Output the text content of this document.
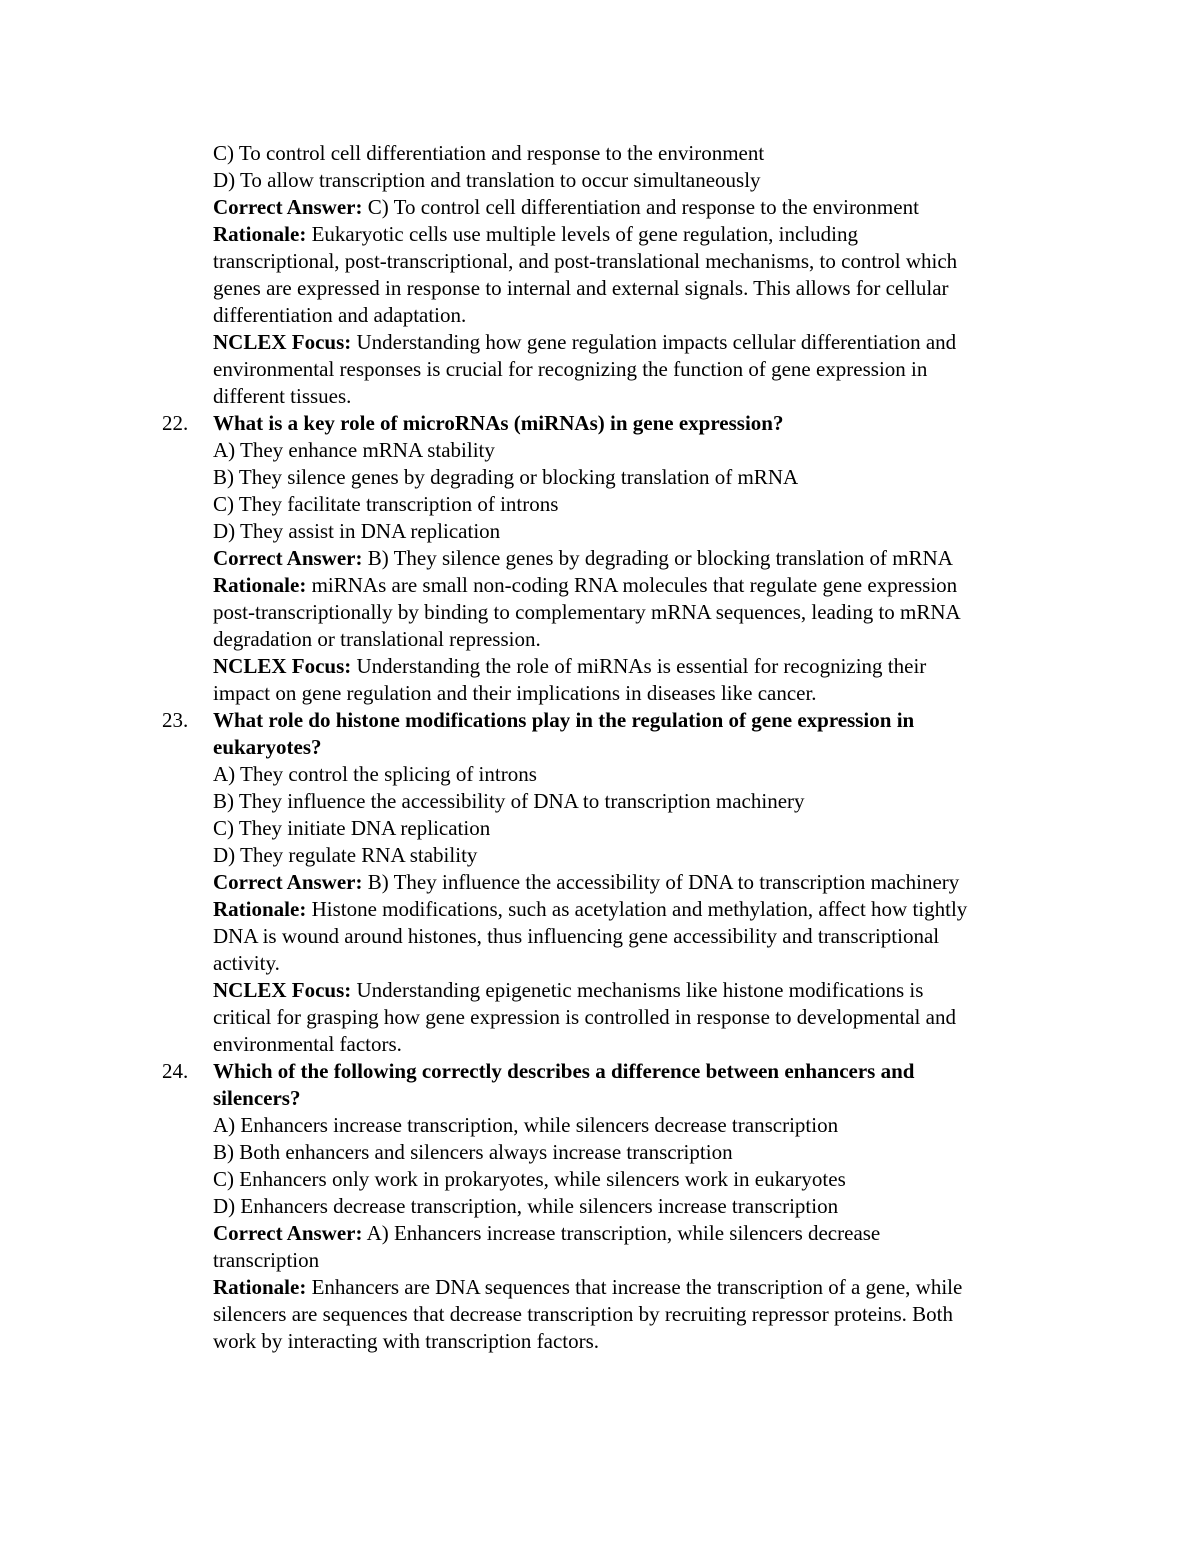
C) To control cell differentiation and response to the environment
D) To allow transcription and translation to occur simultaneously
Correct Answer: C) To control cell differentiation and response to the environment
Rationale: Eukaryotic cells use multiple levels of gene regulation, including
transcriptional, post-transcriptional, and post-translational mechanisms, to control which
genes are expressed in response to internal and external signals. This allows for cellular
differentiation and adaptation.
NCLEX Focus: Understanding how gene regulation impacts cellular differentiation and
environmental responses is crucial for recognizing the function of gene expression in
different tissues.
22. What is a key role of microRNAs (miRNAs) in gene expression?
A) They enhance mRNA stability
B) They silence genes by degrading or blocking translation of mRNA
C) They facilitate transcription of introns
D) They assist in DNA replication
Correct Answer: B) They silence genes by degrading or blocking translation of mRNA
Rationale: miRNAs are small non-coding RNA molecules that regulate gene expression
post-transcriptionally by binding to complementary mRNA sequences, leading to mRNA
degradation or translational repression.
NCLEX Focus: Understanding the role of miRNAs is essential for recognizing their
impact on gene regulation and their implications in diseases like cancer.
23. What role do histone modifications play in the regulation of gene expression in
eukaryotes?
A) They control the splicing of introns
B) They influence the accessibility of DNA to transcription machinery
C) They initiate DNA replication
D) They regulate RNA stability
Correct Answer: B) They influence the accessibility of DNA to transcription machinery
Rationale: Histone modifications, such as acetylation and methylation, affect how tightly
DNA is wound around histones, thus influencing gene accessibility and transcriptional
activity.
NCLEX Focus: Understanding epigenetic mechanisms like histone modifications is
critical for grasping how gene expression is controlled in response to developmental and
environmental factors.
24. Which of the following correctly describes a difference between enhancers and
silencers?
A) Enhancers increase transcription, while silencers decrease transcription
B) Both enhancers and silencers always increase transcription
C) Enhancers only work in prokaryotes, while silencers work in eukaryotes
D) Enhancers decrease transcription, while silencers increase transcription
Correct Answer: A) Enhancers increase transcription, while silencers decrease
transcription
Rationale: Enhancers are DNA sequences that increase the transcription of a gene, while
silencers are sequences that decrease transcription by recruiting repressor proteins. Both
work by interacting with transcription factors.
